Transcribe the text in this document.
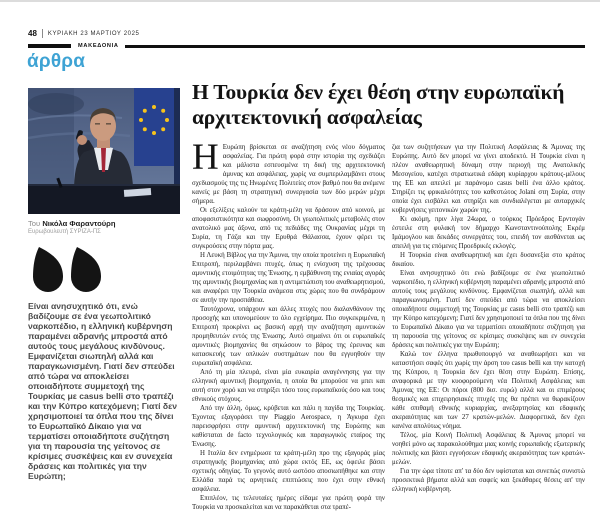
48 ΚΥΡΙΑΚΗ 23 ΜΑΡΤΙΟΥ 2025
ΜΑΚΕΔΟΝΙΑ
άρθρα
Του Νικόλα Φαραντούρη
Ευρωβουλευτή ΣΥΡΙΖΑ-ΠΣ
Είναι ανησυχητικό ότι, ενώ βαδίζουμε σε ένα γεωπολιτικό ναρκοπέδιο, η ελληνική κυβέρνηση παραμένει αδρανής μπροστά από αυτούς τους μεγάλους κινδύνους. Εμφανίζεται σιωπηλή αλλά και παραγκωνισμένη. Γιατί δεν σπεύδει από τώρα να αποκλείσει οποιαδήποτε συμμετοχή της Τουρκίας με casus belli στο τραπέζι και την Κύπρο κατεχόμενη; Γιατί δεν χρησιμοποιεί τα όπλα που της δίνει το Ευρωπαϊκό Δίκαιο για να τερματίσει οποιαδήποτε συζήτηση για τη παρουσία της γείτονος σε κρίσιμες συσκέψεις και εν συνεχεία δράσεις και πολιτικές για την Ευρώπη;
Η Τουρκία δεν έχει θέση στην ευρωπαϊκή
αρχιτεκτονική ασφαλείας

Η Ευρώπη βρίσκεται σε αναζήτηση ενός νέου δόγματος ασφαλείας. Για πρώτη φορά στην ιστορία της σχεδιάζει και μάλιστα εσπευσμένα τη δική της αρχιτεκτονική άμυνας και ασφάλειας, χωρίς να συμπεριλαμβάνει στους σχεδιασμούς της τις Ηνωμένες Πολιτείες στον βαθμό που θα ανέμενε κανείς με βάση τη στρατηγική συνεργασία των δύο μερών μέχρι σήμερα.

Οι εξελίξεις καλούν τα κράτη-μέλη να δράσουν από κοινού, με αποφασιστικότητα και σωφροσύνη. Οι γεωπολιτικές μεταβολές στον ανατολικό μας άξονα, από τις πεδιάδες της Ουκρανίας μέχρι τη Συρία, τη Γάζα και την Ερυθρά Θάλασσα, έχουν φέρει τις συγκρούσεις στην πόρτα μας.

Η Λευκή Βίβλος για την Άμυνα, την οποία προτείνει η Ευρωπαϊκή Επιτροπή, περιλαμβάνει πτυχές, όπως η ενίσχυση της τρέχουσας αμυντικής ετοιμότητας της Ένωσης, η εμβάθυνση της ενιαίας αγοράς της αμυντικής βιομηχανίας και η αντιμετώπιση του αναθεωρητισμού, και αναφέρει την Τουρκία ανάμεσα στις χώρες που θα συνδράμουν σε αυτήν την προσπάθεια.

Ταυτόχρονα, υπάρχουν και άλλες πτυχές που διαλανθάνουν της προσοχής και υπονομεύουν το όλο εγχείρημα. Πιο συγκεκριμένα, η Επιτροπή προκρίνει ως βασική αρχή την αναζήτηση αμυντικών προμηθευτών εντός της Ένωσης. Αυτό σημαίνει ότι οι ευρωπαϊκές αμυντικές βιομηχανίες θα σηκώσουν το βάρος της έρευνας και κατασκευής των οπλικών συστημάτων που θα εγγυηθούν την ευρωπαϊκή ασφάλεια.

Από τη μία πλευρά, είναι μία ευκαιρία αναγέννησης για την ελληνική αμυντική βιομηχανία, η οποία θα μπορούσε να μπει και αυτή στον χορό και να στηρίξει τόσο τους ευρωπαϊκούς όσο και τους εθνικούς στόχους.

Από την άλλη, όμως, κρύβεται και πάλι η παγίδα της Τουρκίας. Έχοντας εξαγοράσει την Piaggio Aerospace, η Άγκυρα έχει παρεισφρήσει στην αμυντική αρχιτεκτονική της Ευρώπης και καθίσταται de facto τεχνολογικός και παραγωγικός εταίρος της Ένωσης.

Η Ιταλία δεν ενημέρωσε τα κράτη-μέλη προ της εξαγοράς μίας στρατηγικής βιομηχανίας από χώρα εκτός ΕΕ, ως όφειλε βάσει σχετικής οδηγίας. Το γεγονός αυτό ωστόσο αποσιωπήθηκε και στην Ελλάδα παρά τις αρνητικές επιπτώσεις που έχει στην εθνική ασφάλεια.

Επιπλέον, τις τελευταίες ημέρες είδαμε για πρώτη φορά την Τουρκία να προσκαλείται και να παρακάθεται στα τραπέ-

ζια των συζητήσεων για την Πολιτική Ασφάλειας & Άμυνας της Ευρώπης. Αυτό δεν μπορεί να γίνει αποδεκτό. Η Τουρκία είναι η πλέον αναθεωρητική δύναμη στην περιοχή της Ανατολικής Μεσογείου, κατέχει στρατιωτικά εδάφη κυρίαρχου κράτους-μέλους της ΕΕ και απειλεί με παράνομο casus belli ένα άλλο κράτος. Στηρίζει τις φρικαλεότητες του καθεστώτος Jolani στη Συρία, στην οποία έχει εισβάλει και στηρίζει και συνδιαλέγεται με αυταρχικές κυβερνήσεις γειτονικών χωρών της.

Κι ακόμη, πριν λίγα 24ωρα, ο τούρκος Πρόεδρος Ερντογάν έστειλε στη φυλακή τον δήμαρχο Κωνσταντινούπολης Εκρέμ Ιμάμογλου και δεκάδες συνεργάτες του, επειδή τον αισθάνεται ως απειλή για τις επόμενες Προεδρικές εκλογές.

Η Τουρκία είναι αναθεωρητική και έχει δυσανεξία στο κράτος δικαίου.

Είναι ανησυχητικό ότι ενώ βαδίζουμε σε ένα γεωπολιτικό ναρκοπέδιο, η ελληνική κυβέρνηση παραμένει αδρανής μπροστά από αυτούς τους μεγάλους κινδύνους. Εμφανίζεται σιωπηλή, αλλά και παραγκωνισμένη. Γιατί δεν σπεύδει από τώρα να αποκλείσει οποιαδήποτε συμμετοχή της Τουρκίας με casus belli στο τραπέζι και την Κύπρο κατεχόμενη; Γιατί δεν χρησιμοποιεί τα όπλα που της δίνει το Ευρωπαϊκό Δίκαιο για να τερματίσει οποιαδήποτε συζήτηση για τη παρουσία της γείτονος σε κρίσιμες συσκέψεις και εν συνεχεία δράσεις και πολιτικές για την Ευρώπη;

Καλώ τον έλληνα πρωθυπουργό να αναθεωρήσει και να καταστήσει σαφές ότι χωρίς την άρση του casus belli και την κατοχή της Κύπρου, η Τουρκία δεν έχει θέση στην Ευρώπη. Επίσης, αναφορικά με την κυοφορούμενη νέα Πολιτική Ασφάλειας και Άμυνας της ΕΕ: Οι πόροι (800 δισ. ευρώ) αλλά και οι επιμέρους θεσμικές και επιχειρησιακές πτυχές της θα πρέπει να θωρακίζουν κάθε σπιθαμή εθνικής κυριαρχίας, ανεξαρτησίας και εδαφικής ακεραιότητας και των 27 κρατών-μελών. Διαφορετικά, δεν έχει κανένα απολύτως νόημα.

Τέλος, μία Κοινή Πολιτική Ασφάλειας & Άμυνας μπορεί να νοηθεί μόνο ως παρακολούθημα μιας κοινής ευρωπαϊκής εξωτερικής πολιτικής και βάσει εγγυήσεων εδαφικής ακεραιότητας των κρατών-μελών.

Για την ώρα τίποτε απ' τα δύο δεν υφίσταται και συνεπώς συνιστώ προσεκτικά βήματα αλλά και σαφείς και ξεκάθαρες θέσεις απ' την ελληνική κυβέρνηση.
